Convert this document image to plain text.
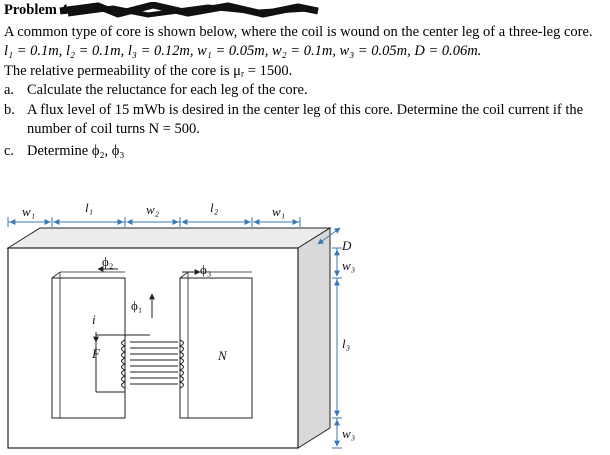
Problem 4.
A common type of core is shown below, where the coil is wound on the center leg of a three-leg core.
l₁ = 0.1m, l₂ = 0.1m, l₃ = 0.12m, w₁ = 0.05m, w₂ = 0.1m, w₃ = 0.05m, D = 0.06m.
The relative permeability of the core is μᵣ = 1500.
a. Calculate the reluctance for each leg of the core.
b. A flux level of 15 mWb is desired in the center leg of this core. Determine the coil current if the
number of coil turns N = 500.
c. Determine ϕ₂, ϕ₃
w₁	l₁	w₂	l₂	w₁
ϕ₂
ϕ₃
ϕ₁
i
F	N
D
w₃
l₃
w₃
